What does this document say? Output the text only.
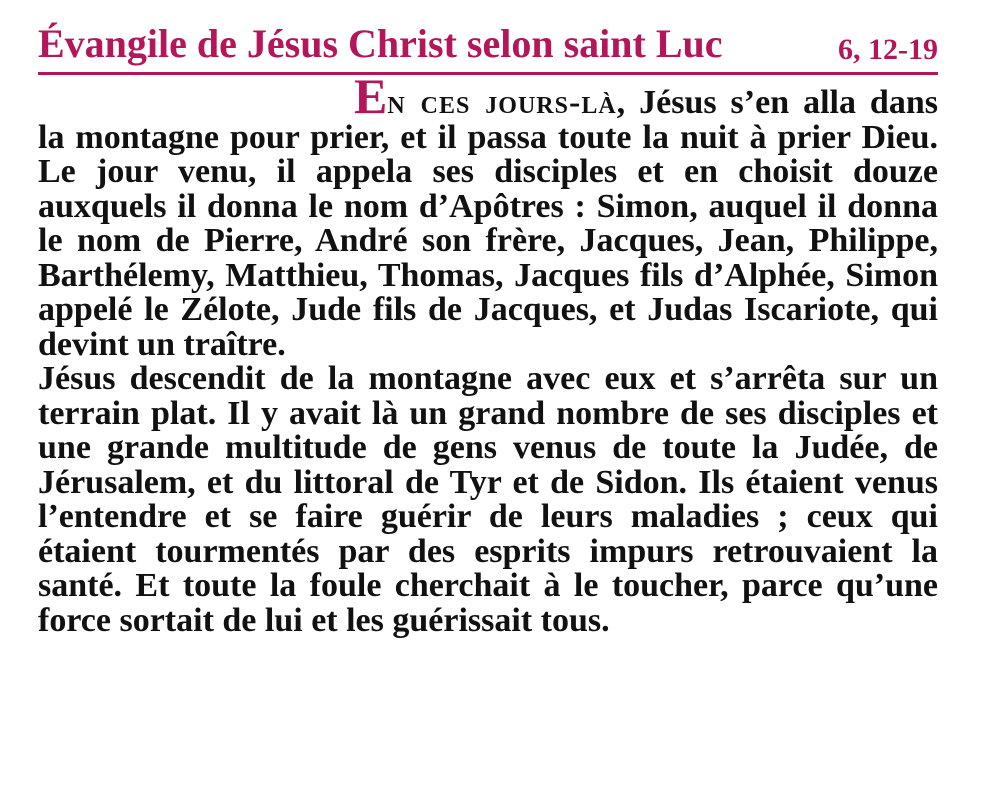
Évangile de Jésus Christ selon saint Luc	6, 12-19

En ces jours-là, Jésus s’en alla dans la montagne pour prier, et il passa toute la nuit à prier Dieu. Le jour venu, il appela ses disciples et en choisit douze auxquels il donna le nom d’Apôtres : Simon, auquel il donna le nom de Pierre, André son frère, Jacques, Jean, Philippe, Barthélemy, Matthieu, Thomas, Jacques fils d’Alphée, Simon appelé le Zélote, Jude fils de Jacques, et Judas Iscariote, qui devint un traître.

Jésus descendit de la montagne avec eux et s’arrêta sur un terrain plat. Il y avait là un grand nombre de ses disciples et une grande multitude de gens venus de toute la Judée, de Jérusalem, et du littoral de Tyr et de Sidon. Ils étaient venus l’entendre et se faire guérir de leurs maladies ; ceux qui étaient tourmentés par des esprits impurs retrouvaient la santé. Et toute la foule cherchait à le toucher, parce qu’une force sortait de lui et les guérissait tous.
